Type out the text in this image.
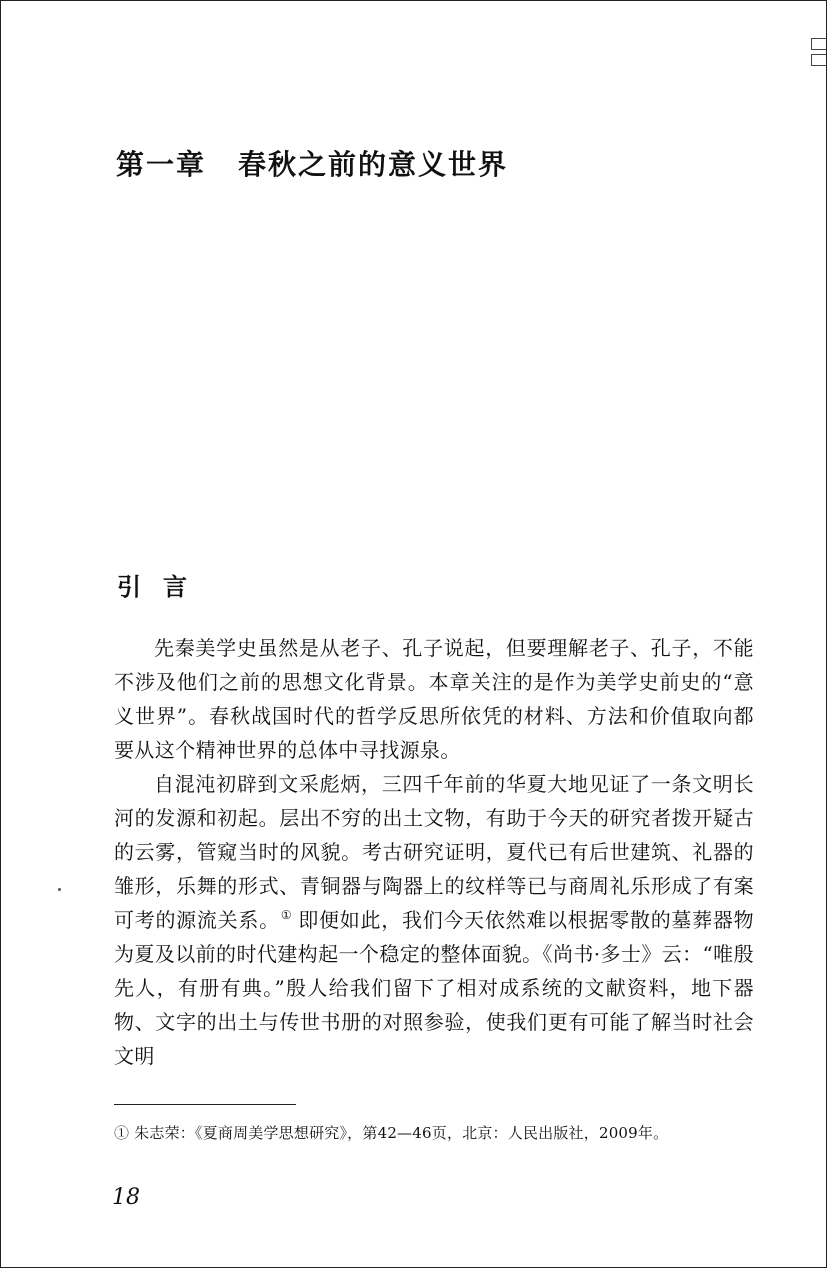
第一章 春秋之前的意义世界
引 言

先秦美学史虽然是从老子、孔子说起，但要理解老子、孔子，不能不涉及他们之前的思想文化背景。本章关注的是作为美学史前史的“意义世界”。春秋战国时代的哲学反思所依凭的材料、方法和价值取向都要从这个精神世界的总体中寻找源泉。

自混沌初辟到文采彪炳，三四千年前的华夏大地见证了一条文明长河的发源和初起。层出不穷的出土文物，有助于今天的研究者拨开疑古的云雾，管窥当时的风貌。考古研究证明，夏代已有后世建筑、礼器的雏形，乐舞的形式、青铜器与陶器上的纹样等已与商周礼乐形成了有案可考的源流关系。① 即便如此，我们今天依然难以根据零散的墓葬器物为夏及以前的时代建构起一个稳定的整体面貌。《尚书·多士》云：“唯殷先人，有册有典。”殷人给我们留下了相对成系统的文献资料，地下器物、文字的出土与传世书册的对照参验，使我们更有可能了解当时社会文明

① 朱志荣：《夏商周美学思想研究》，第42—46页，北京：人民出版社，2009年。
18
